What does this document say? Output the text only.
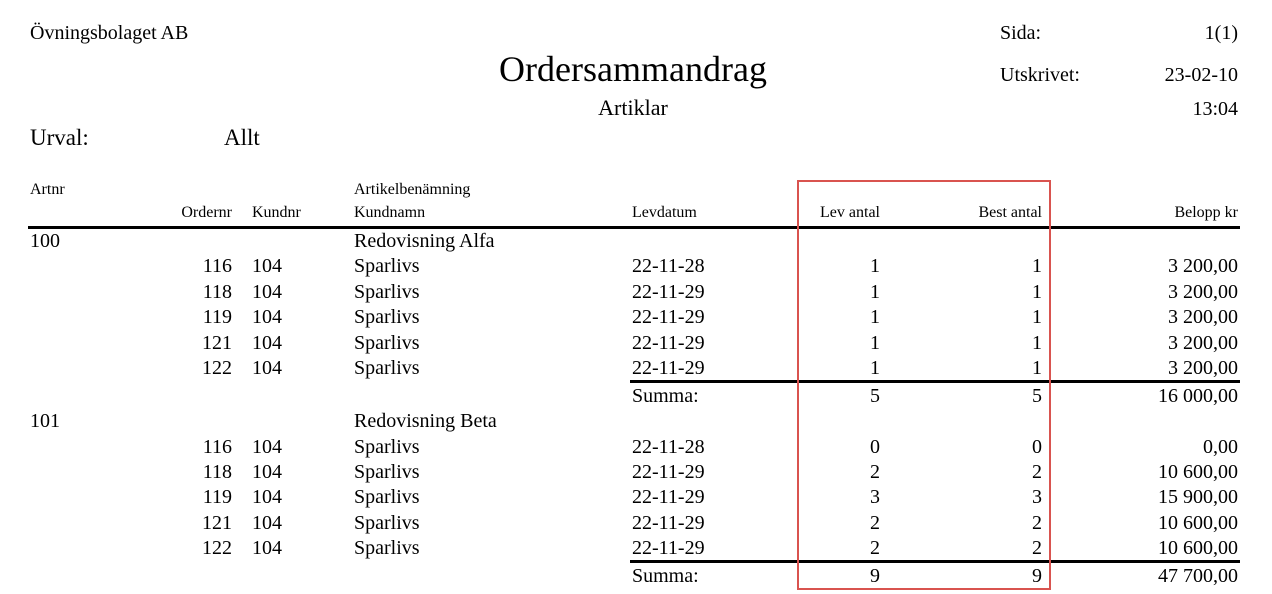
Övningsbolaget AB
Ordersammandrag
Artiklar
Sida:	1(1)
Utskrivet:	23-02-10
13:04
Urval:	Allt
Artnr	Artikelbenämning
Ordernr Kundnr	Kundnamn	Levdatum	Lev antal	Best antal	Belopp kr
100	Redovisning Alfa
116 104	Sparlivs	22-11-28	1	1	3 200,00
118 104	Sparlivs	22-11-29	1	1	3 200,00
119 104	Sparlivs	22-11-29	1	1	3 200,00
121 104	Sparlivs	22-11-29	1	1	3 200,00
122 104	Sparlivs	22-11-29	1	1	3 200,00
Summa:	5	5	16 000,00
101	Redovisning Beta
116 104	Sparlivs	22-11-28	0	0	0,00
118 104	Sparlivs	22-11-29	2	2	10 600,00
119 104	Sparlivs	22-11-29	3	3	15 900,00
121 104	Sparlivs	22-11-29	2	2	10 600,00
122 104	Sparlivs	22-11-29	2	2	10 600,00
Summa:	9	9	47 700,00
